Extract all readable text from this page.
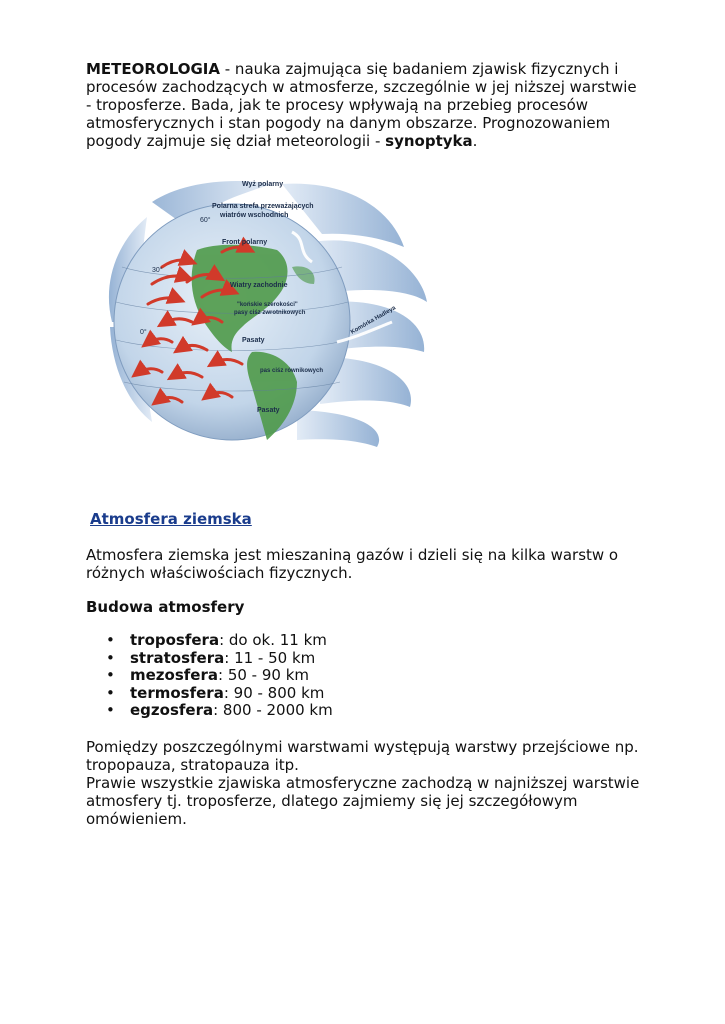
METEOROLOGIA - nauka zajmująca się badaniem zjawisk fizycznych i procesów zachodzących w atmosferze, szczególnie w jej niższej warstwie - troposferze. Bada, jak te procesy wpływają na przebieg procesów atmosferycznych i stan pogody na danym obszarze. Prognozowaniem pogody zajmuje się dział meteorologii - synoptyka.

Wyż polarny
Polarna strefa przeważających
wiatrów wschodnich
Front polarny
Wiatry zachodnie
"końskie szerokości"
pasy ciśz zwrotnikowych	Komórka Hadleya
Pasaty
pas ciśz równikowych
Pasaty
60°
30°
0°
Atmosfera ziemska

Atmosfera ziemska jest mieszaniną gazów i dzieli się na kilka warstw o różnych właściwościach fizycznych.

Budowa atmosfery

• troposfera: do ok. 11 km
• stratosfera: 11 - 50 km
• mezosfera: 50 - 90 km
• termosfera: 90 - 800 km
• egzosfera: 800 - 2000 km
Pomiędzy poszczególnymi warstwami występują warstwy przejściowe np. tropopauza, stratopauza itp.
Prawie wszystkie zjawiska atmosferyczne zachodzą w najniższej warstwie atmosfery tj. troposferze, dlatego zajmiemy się jej szczegółowym omówieniem.
